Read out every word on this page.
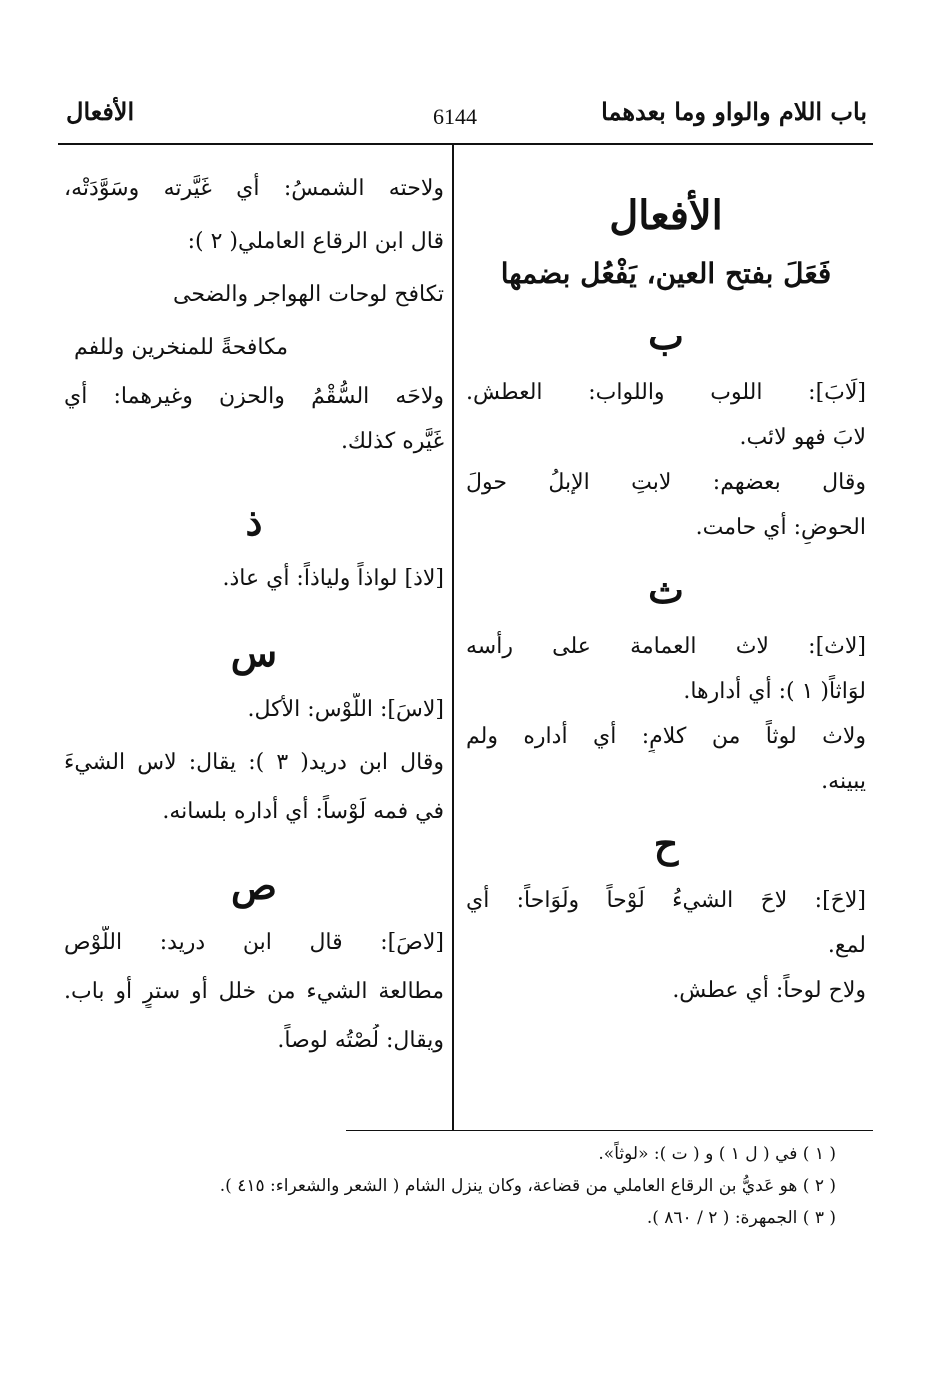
باب اللام والواو وما بعدهما
6144
الأفعال
الأفعال
فَعَلَ بفتح العين، يَفْعُل بضمها
ب

[لَابَ]: اللوب واللواب: العطش.

لابَ فهو لائب.

وقال بعضهم: لابتِ الإبلُ حولَ

الحوضِ: أي حامت.

ث

[لاث]: لاث العمامة على رأسه

لوَاثاً( ١ ): أي أدارها.

ولاث لوثاً من كلامٍ: أي أداره ولم

يبينه.

ح

[لاحَ]: لاحَ الشيءُ لَوْحاً ولَوَاحاً: أي

لمع.

ولاح لوحاً: أي عطش.

ولاحته الشمسُ: أي غَيَّرته وسَوَّدَتْه،

قال ابن الرقاع العاملي( ٢ ):

تكافح لوحات الهواجر والضحى

مكافحةً للمنخرين وللفم

ولاحَه السُّقْمُ والحزن وغيرهما: أي

غَيَّره كذلك.

ذ

[لاذ] لواذاً ولياذاً: أي عاذ.

س

[لاسَ]: اللَّوْس: الأكل.

وقال ابن دريد( ٣ ): يقال: لاس الشيءَ

في فمه لَوْساً: أي أداره بلسانه.

ص

[لاصَ]: قال ابن دريد: اللَّوْص

مطالعة الشيء من خلل أو سترٍ أو باب.

ويقال: لُصْتُه لوصاً.

( ١ ) في ( ل ١ ) و ( ت ): «لوثاً».

( ٢ ) هو عَديُّ بن الرقاع العاملي من قضاعة، وكان ينزل الشام ( الشعر والشعراء: ٤١٥ ).

( ٣ ) الجمهرة: ( ٢ / ٨٦٠ ).
